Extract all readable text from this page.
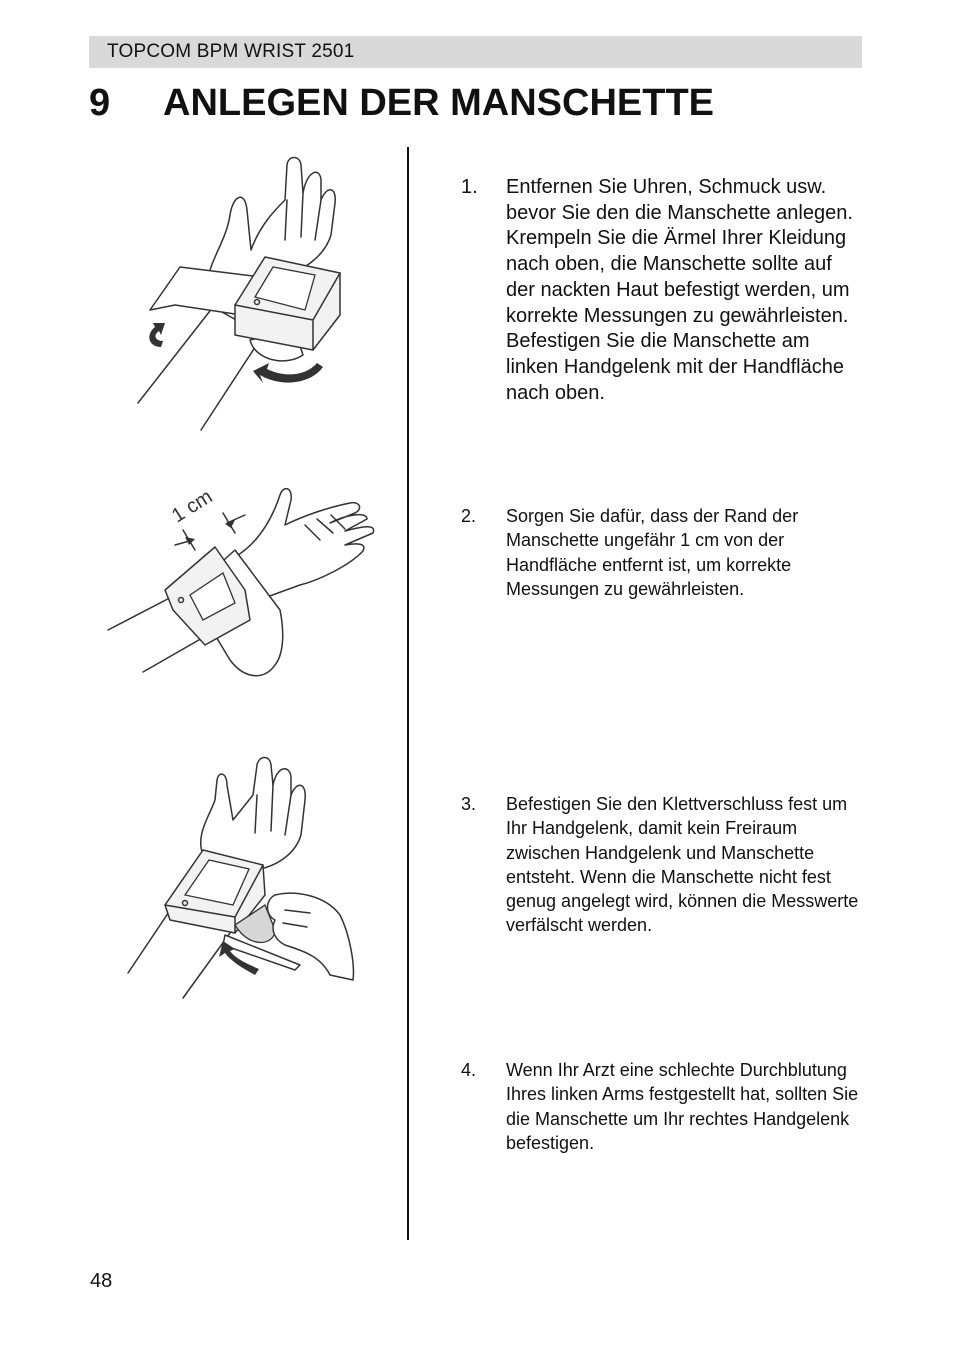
TOPCOM BPM WRIST 2501
9 ANLEGEN DER MANSCHETTE
1 cm
1. Entfernen Sie Uhren, Schmuck usw. bevor Sie den die Manschette anlegen. Krempeln Sie die Ärmel Ihrer Kleidung nach oben, die Manschette sollte auf der nackten Haut befestigt werden, um korrekte Messungen zu gewährleisten. Befestigen Sie die Manschette am linken Handgelenk mit der Handfläche nach oben.
2. Sorgen Sie dafür, dass der Rand der Manschette ungefähr 1 cm von der Handfläche entfernt ist, um korrekte Messungen zu gewährleisten.
3. Befestigen Sie den Klettverschluss fest um Ihr Handgelenk, damit kein Freiraum zwischen Handgelenk und Manschette entsteht. Wenn die Manschette nicht fest genug angelegt wird, können die Messwerte verfälscht werden.
4. Wenn Ihr Arzt eine schlechte Durchblutung Ihres linken Arms festgestellt hat, sollten Sie die Manschette um Ihr rechtes Handgelenk befestigen.
48
